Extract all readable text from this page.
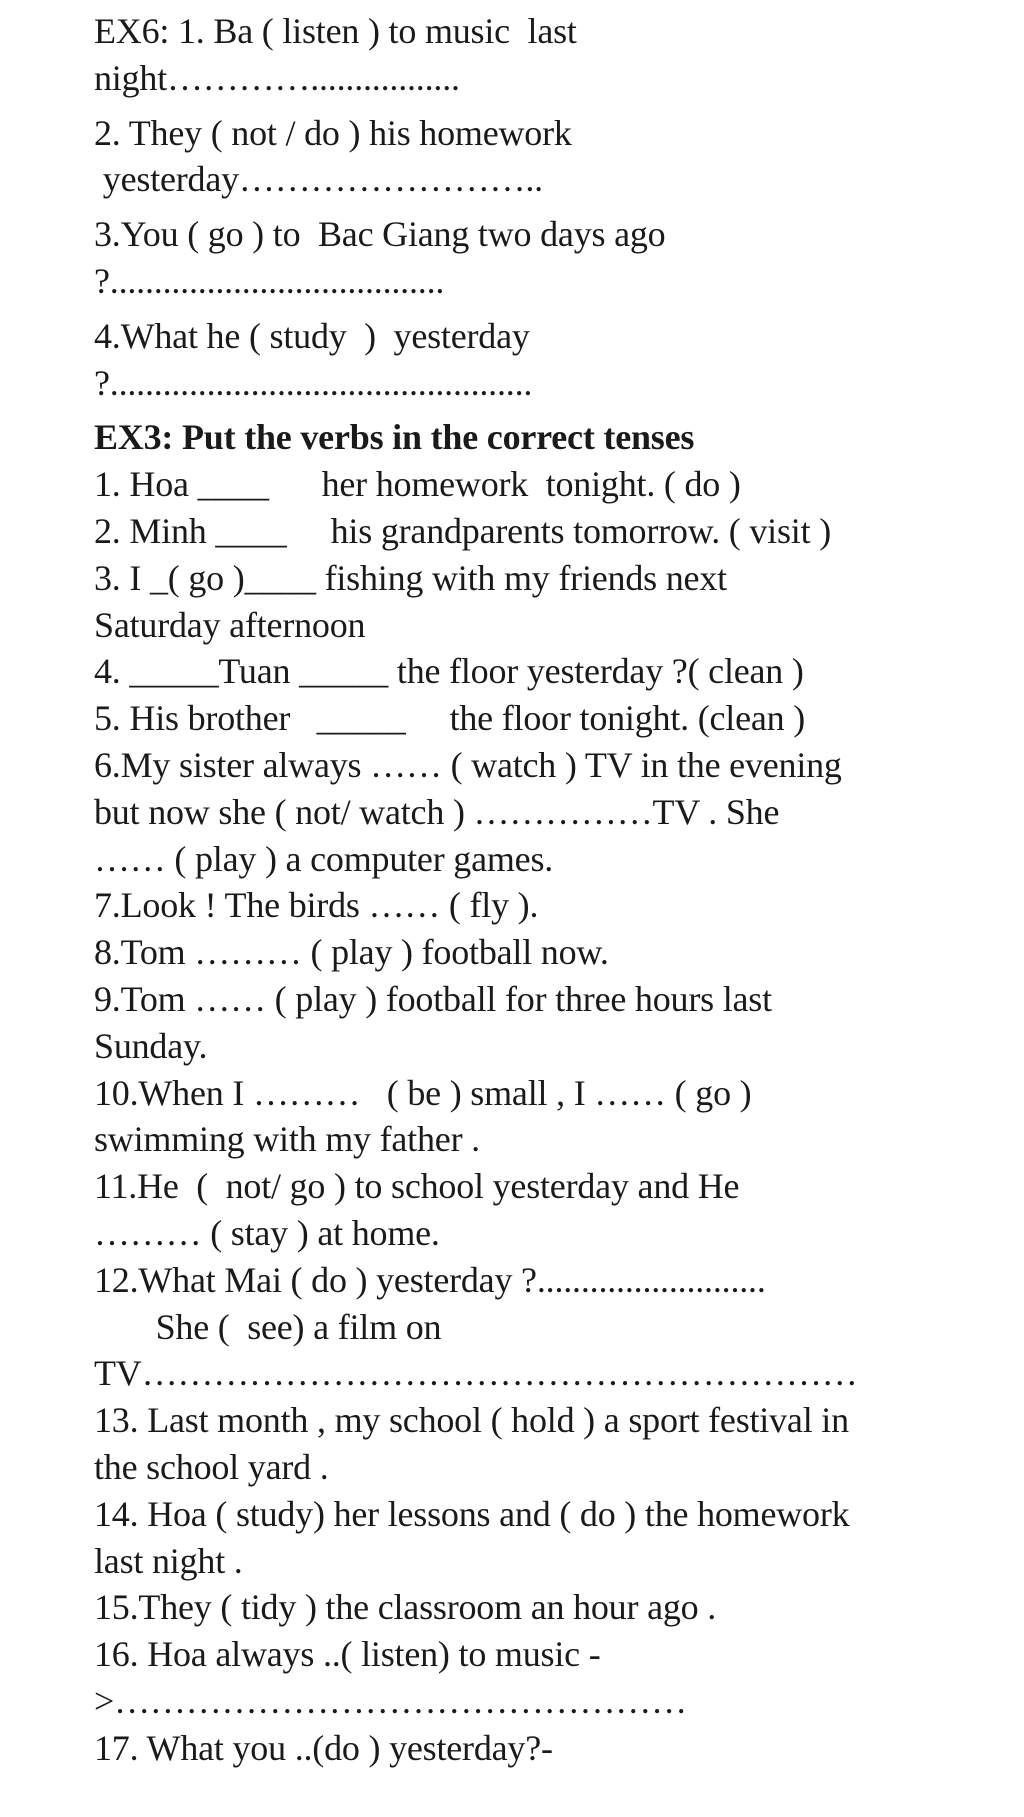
EX6: 1. Ba ( listen ) to music  last
night………….................
2. They ( not / do ) his homework
yesterday……………………..
3.You ( go ) to  Bac Giang two days ago
?......................................
4.What he ( study  )  yesterday
?................................................
EX3: Put the verbs in the correct tenses
1. Hoa ____      her homework  tonight. ( do )
2. Minh ____     his grandparents tomorrow. ( visit )
3. I _( go )____ fishing with my friends next
Saturday afternoon
4. _____Tuan _____ the floor yesterday ?( clean )
5. His brother   _____     the floor tonight. (clean )
6.My sister always …… ( watch ) TV in the evening
but now she ( not/ watch ) ……………TV . She
…… ( play ) a computer games.
7.Look ! The birds …… ( fly ).
8.Tom ……… ( play ) football now.
9.Tom …… ( play ) football for three hours last
Sunday.
10.When I ………   ( be ) small , I …… ( go )
swimming with my father .
11.He  (  not/ go ) to school yesterday and He
……… ( stay ) at home.
12.What Mai ( do ) yesterday ?..........................
She (  see) a film on
TV……………………………………………………
13. Last month , my school ( hold ) a sport festival in
the school yard .
14. Hoa ( study) her lessons and ( do ) the homework
last night .
15.They ( tidy ) the classroom an hour ago .
16. Hoa always ..( listen) to music -
>…………………………………………
17. What you ..(do ) yesterday?-
